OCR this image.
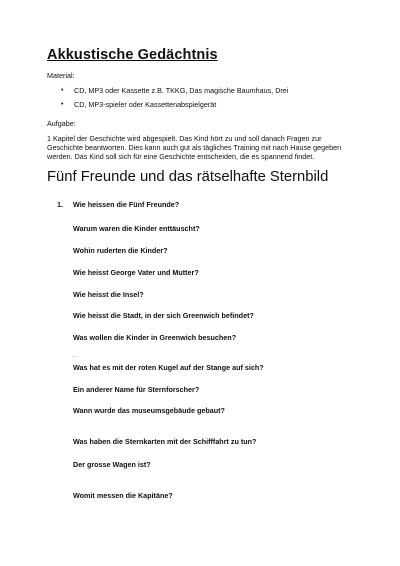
Akkustische Gedächtnis
Material:
• CD, MP3 oder Kassette z.B. TKKG, Das magische Baumhaus, Drei
• CD, MP3-spieler oder Kassettenabspielgerät
Aufgabe:
1 Kapitel der Geschichte wird abgespielt. Das Kind hört zu und soll danach Fragen zur
Geschichte beantworten. Dies kann auch gut als tägliches Training mit nach Hause gegeben
werden. Das Kind soll sich für eine Geschichte entscheiden, die es spannend findet.
Fünf Freunde und das rätselhafte Sternbild
1. Wie heissen die Fünf Freunde?
Warum waren die Kinder enttäuscht?
Wohin ruderten die Kinder?
Wie heisst George Vater und Mutter?
Wie heisst die Insel?
Wie heisst die Stadt, in der sich Greenwich befindet?
Was wollen die Kinder in Greenwich besuchen?
.
Was hat es mit der roten Kugel auf der Stange auf sich?
Ein anderer Name für Sternforscher?
Wann wurde das museumsgebäude gebaut?
Was haben die Sternkarten mit der Schifffahrt zu tun?
Der grosse Wagen ist?
Womit messen die Kapitäne?
